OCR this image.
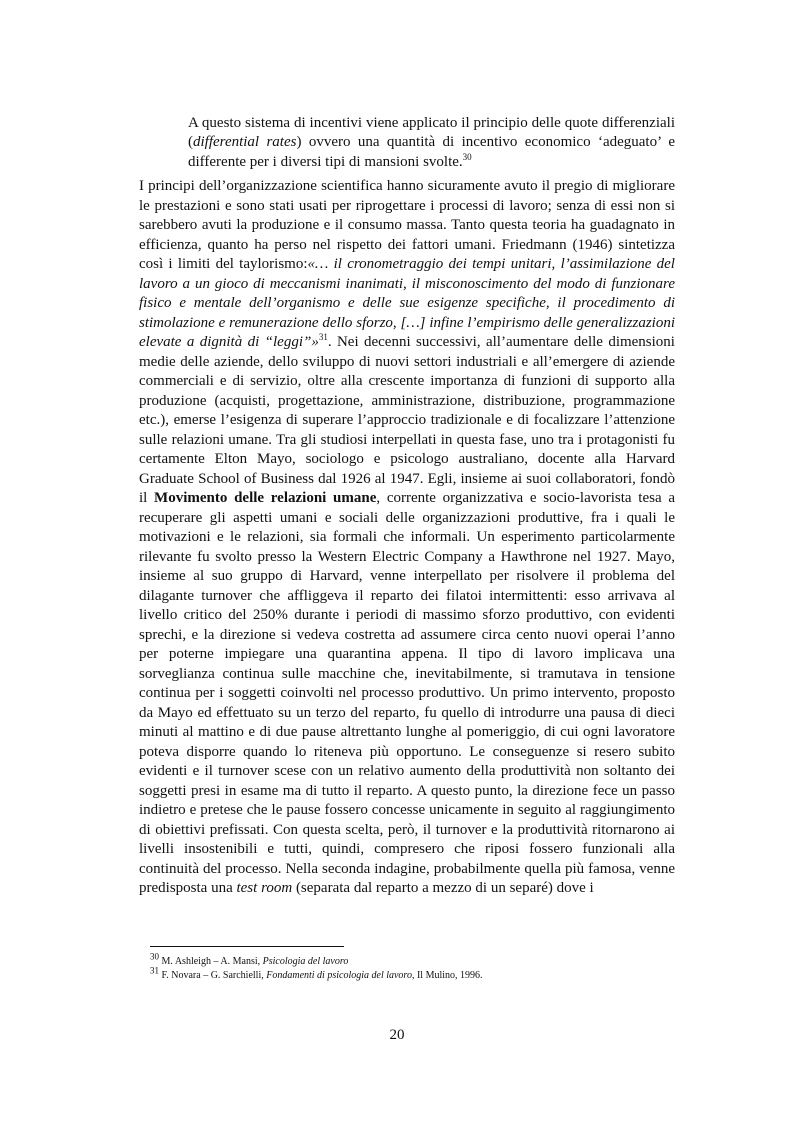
A questo sistema di incentivi viene applicato il principio delle quote differenziali (differential rates) ovvero una quantità di incentivo economico ‘adeguato’ e differente per i diversi tipi di mansioni svolte.$^{30}$
I principi dell’organizzazione scientifica hanno sicuramente avuto il pregio di migliorare le prestazioni e sono stati usati per riprogettare i processi di lavoro; senza di essi non si sarebbero avuti la produzione e il consumo massa. Tanto questa teoria ha guadagnato in efficienza, quanto ha perso nel rispetto dei fattori umani. Friedmann (1946) sintetizza così i limiti del taylorismo:«… il cronometraggio dei tempi unitari, l’assimilazione del lavoro a un gioco di meccanismi inanimati, il misconoscimento del modo di funzionare fisico e mentale dell’organismo e delle sue esigenze specifiche, il procedimento di stimolazione e remunerazione dello sforzo, […] infine l’empirismo delle generalizzazioni elevate a dignità di “leggi”»$^{31}$. Nei decenni successivi, all’aumentare delle dimensioni medie delle aziende, dello sviluppo di nuovi settori industriali e all’emergere di aziende commerciali e di servizio, oltre alla crescente importanza di funzioni di supporto alla produzione (acquisti, progettazione, amministrazione, distribuzione, programmazione etc.), emerse l’esigenza di superare l’approccio tradizionale e di focalizzare l’attenzione sulle relazioni umane. Tra gli studiosi interpellati in questa fase, uno tra i protagonisti fu certamente Elton Mayo, sociologo e psicologo australiano, docente alla Harvard Graduate School of Business dal 1926 al 1947. Egli, insieme ai suoi collaboratori, fondò il Movimento delle relazioni umane, corrente organizzativa e socio-lavorista tesa a recuperare gli aspetti umani e sociali delle organizzazioni produttive, fra i quali le motivazioni e le relazioni, sia formali che informali. Un esperimento particolarmente rilevante fu svolto presso la Western Electric Company a Hawthrone nel 1927. Mayo, insieme al suo gruppo di Harvard, venne interpellato per risolvere il problema del dilagante turnover che affliggeva il reparto dei filatoi intermittenti: esso arrivava al livello critico del 250% durante i periodi di massimo sforzo produttivo, con evidenti sprechi, e la direzione si vedeva costretta ad assumere circa cento nuovi operai l’anno per poterne impiegare una quarantina appena. Il tipo di lavoro implicava una sorveglianza continua sulle macchine che, inevitabilmente, si tramutava in tensione continua per i soggetti coinvolti nel processo produttivo. Un primo intervento, proposto da Mayo ed effettuato su un terzo del reparto, fu quello di introdurre una pausa di dieci minuti al mattino e di due pause altrettanto lunghe al pomeriggio, di cui ogni lavoratore poteva disporre quando lo riteneva più opportuno. Le conseguenze si resero subito evidenti e il turnover scese con un relativo aumento della produttività non soltanto dei soggetti presi in esame ma di tutto il reparto. A questo punto, la direzione fece un passo indietro e pretese che le pause fossero concesse unicamente in seguito al raggiungimento di obiettivi prefissati. Con questa scelta, però, il turnover e la produttività ritornarono ai livelli insostenibili e tutti, quindi, compresero che riposi fossero funzionali alla continuità del processo. Nella seconda indagine, probabilmente quella più famosa, venne predisposta una test room (separata dal reparto a mezzo di un separé) dove i
$^{30}$ M. Ashleigh – A. Mansi, Psicologia del lavoro
$^{31}$ F. Novara – G. Sarchielli, Fondamenti di psicologia del lavoro, Il Mulino, 1996.
20
